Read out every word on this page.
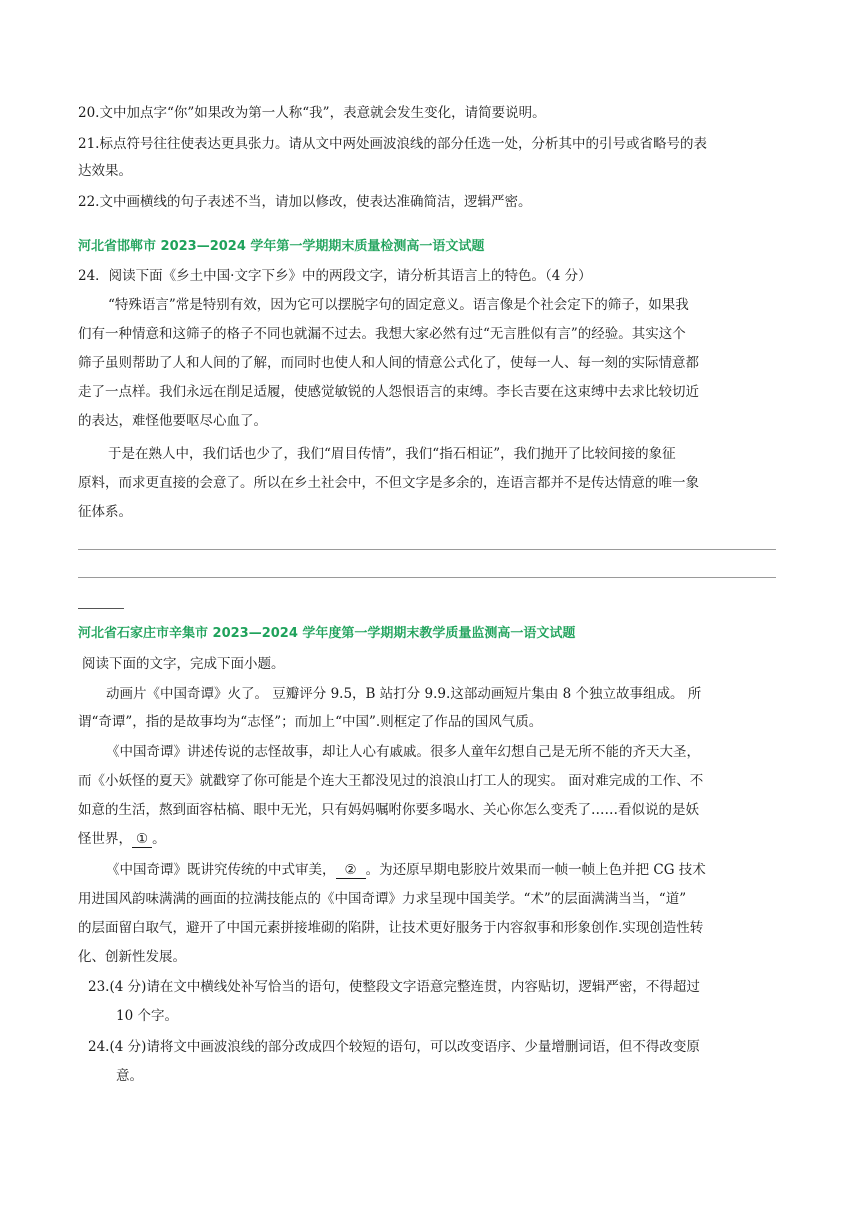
20.文中加点字“你”如果改为第一人称“我”，表意就会发生变化，请简要说明。

21.标点符号往往使表达更具张力。请从文中两处画波浪线的部分任选一处，分析其中的引号或省略号的表

达效果。

22.文中画横线的句子表述不当，请加以修改，使表达准确简洁，逻辑严密。

河北省邯郸市 2023—2024 学年第一学期期末质量检测高一语文试题

24．阅读下面《乡土中国·文字下乡》中的两段文字，请分析其语言上的特色。（4 分）

“特殊语言”常是特别有效，因为它可以摆脱字句的固定意义。语言像是个社会定下的筛子，如果我

们有一种情意和这筛子的格子不同也就漏不过去。我想大家必然有过“无言胜似有言”的经验。其实这个

筛子虽则帮助了人和人间的了解，而同时也使人和人间的情意公式化了，使每一人、每一刻的实际情意都

走了一点样。我们永远在削足适履，使感觉敏锐的人怨恨语言的束缚。李长吉要在这束缚中去求比较切近

的表达，难怪他要呕尽心血了。

于是在熟人中，我们话也少了，我们“眉目传情”，我们“指石相证”，我们抛开了比较间接的象征

原料，而求更直接的会意了。所以在乡土社会中，不但文字是多余的，连语言都并不是传达情意的唯一象

征体系。

河北省石家庄市辛集市 2023—2024 学年度第一学期期末教学质量监测高一语文试题

阅读下面的文字，完成下面小题。

动画片《中国奇谭》火了。 豆瓣评分 9.5，B 站打分 9.9.这部动画短片集由 8 个独立故事组成。 所

谓“奇谭”，指的是故事均为“志怪”；而加上“中国”.则框定了作品的国风气质。

《中国奇谭》讲述传说的志怪故事，却让人心有戚戚。很多人童年幻想自己是无所不能的齐天大圣，

而《小妖怪的夏天》就戳穿了你可能是个连大王都没见过的浪浪山打工人的现实。 面对难完成的工作、不

如意的生活，熬到面容枯槁、眼中无光，只有妈妈嘱咐你要多喝水、关心你怎么变秃了……看似说的是妖

怪世界， ① 。

《中国奇谭》既讲究传统的中式审美， ② 。为还原早期电影胶片效果而一帧一帧上色并把 CG 技术

用进国风韵味满满的画面的拉满技能点的《中国奇谭》力求呈现中国美学。“术”的层面满满当当，“道”

的层面留白取气，避开了中国元素拼接堆砌的陷阱，让技术更好服务于内容叙事和形象创作.实现创造性转

化、创新性发展。

23.(4 分)请在文中横线处补写恰当的语句，使整段文字语意完整连贯，内容贴切，逻辑严密，不得超过

10 个字。

24.(4 分)请将文中画波浪线的部分改成四个较短的语句，可以改变语序、少量增删词语，但不得改变原

意。
